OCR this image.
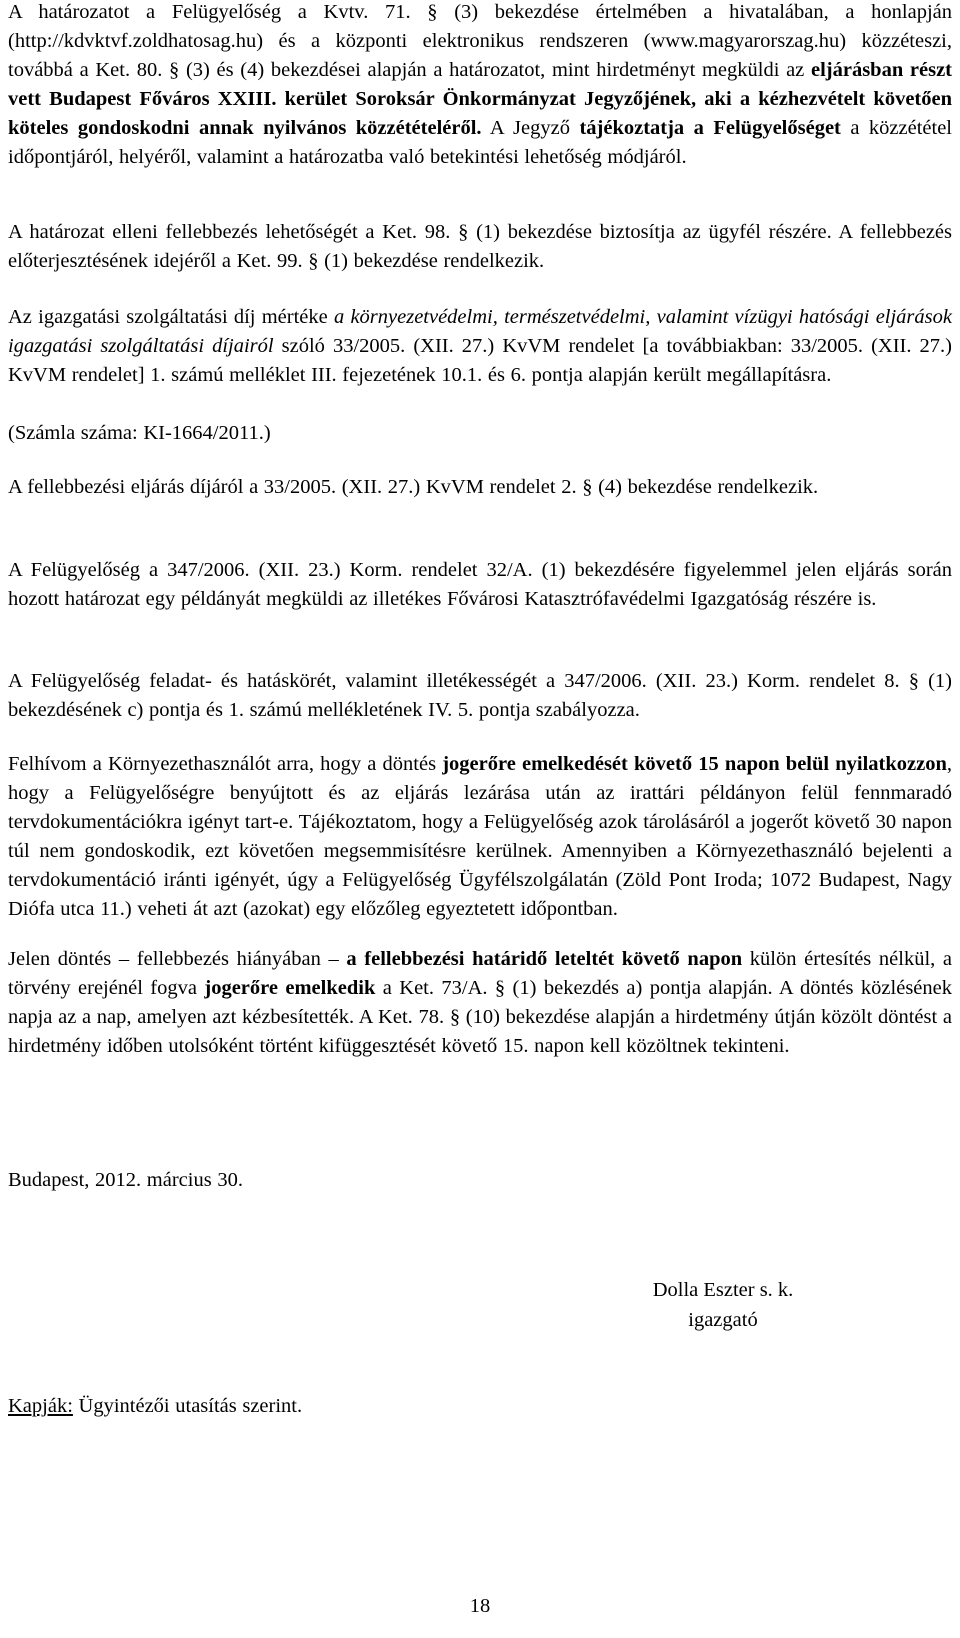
A határozatot a Felügyelőség a Kvtv. 71. § (3) bekezdése értelmében a hivatalában, a honlapján (http://kdvktvf.zoldhatosag.hu) és a központi elektronikus rendszeren (www.magyarorszag.hu) közzéteszi, továbbá a Ket. 80. § (3) és (4) bekezdései alapján a határozatot, mint hirdetményt megküldi az eljárásban részt vett Budapest Főváros XXIII. kerület Soroksár Önkormányzat Jegyzőjének, aki a kézhezvételt követően köteles gondoskodni annak nyilvános közzétételéről. A Jegyző tájékoztatja a Felügyelőséget a közzététel időpontjáról, helyéről, valamint a határozatba való betekintési lehetőség módjáról.

A határozat elleni fellebbezés lehetőségét a Ket. 98. § (1) bekezdése biztosítja az ügyfél részére. A fellebbezés előterjesztésének idejéről a Ket. 99. § (1) bekezdése rendelkezik.

Az igazgatási szolgáltatási díj mértéke a környezetvédelmi, természetvédelmi, valamint vízügyi hatósági eljárások igazgatási szolgáltatási díjairól szóló 33/2005. (XII. 27.) KvVM rendelet [a továbbiakban: 33/2005. (XII. 27.) KvVM rendelet] 1. számú melléklet III. fejezetének 10.1. és 6. pontja alapján került megállapításra.

(Számla száma: KI-1664/2011.)

A fellebbezési eljárás díjáról a 33/2005. (XII. 27.) KvVM rendelet 2. § (4) bekezdése rendelkezik.

A Felügyelőség a 347/2006. (XII. 23.) Korm. rendelet 32/A. (1) bekezdésére figyelemmel jelen eljárás során hozott határozat egy példányát megküldi az illetékes Fővárosi Katasztrófavédelmi Igazgatóság részére is.

A Felügyelőség feladat- és hatáskörét, valamint illetékességét a 347/2006. (XII. 23.) Korm. rendelet 8. § (1) bekezdésének c) pontja és 1. számú mellékletének IV. 5. pontja szabályozza.

Felhívom a Környezethasználót arra, hogy a döntés jogerőre emelkedését követő 15 napon belül nyilatkozzon, hogy a Felügyelőségre benyújtott és az eljárás lezárása után az irattári példányon felül fennmaradó tervdokumentációkra igényt tart-e. Tájékoztatom, hogy a Felügyelőség azok tárolásáról a jogerőt követő 30 napon túl nem gondoskodik, ezt követően megsemmisítésre kerülnek. Amennyiben a Környezethasználó bejelenti a tervdokumentáció iránti igényét, úgy a Felügyelőség Ügyfélszolgálatán (Zöld Pont Iroda; 1072 Budapest, Nagy Diófa utca 11.) veheti át azt (azokat) egy előzőleg egyeztetett időpontban.

Jelen döntés – fellebbezés hiányában – a fellebbezési határidő leteltét követő napon külön értesítés nélkül, a törvény erejénél fogva jogerőre emelkedik a Ket. 73/A. § (1) bekezdés a) pontja alapján. A döntés közlésének napja az a nap, amelyen azt kézbesítették. A Ket. 78. § (10) bekezdése alapján a hirdetmény útján közölt döntést a hirdetmény időben utolsóként történt kifüggesztését követő 15. napon kell közöltnek tekinteni.

Budapest, 2012. március 30.

Dolla Eszter s. k.
igazgató

Kapják: Ügyintézői utasítás szerint.

18
